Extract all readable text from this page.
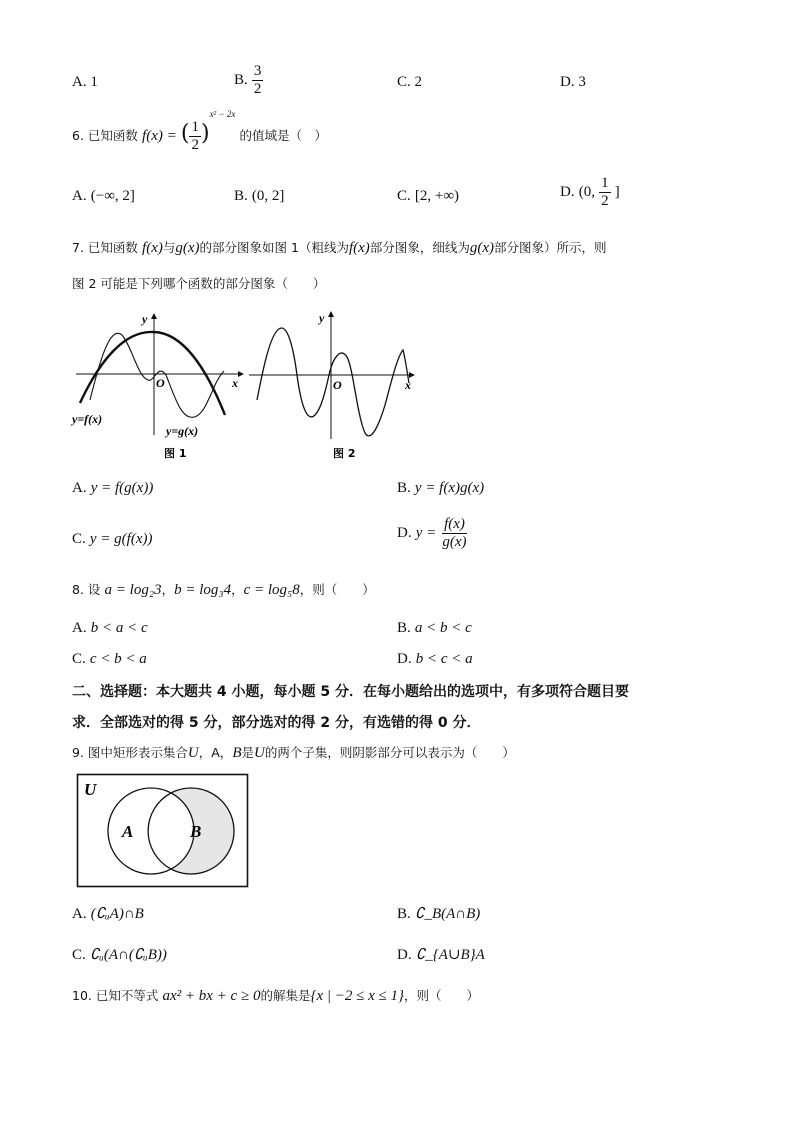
A. 1	B. $\frac{3}{2}$	C. 2	D. 3
6. 已知函数 f(x) = ( $\frac{1}{2} )^{x^2 - 2x}$ 的值域是（　）
A. (−∞, 2]	B. (0, 2]	C. [2, +∞)	D. (0, $\frac{1}{2}$ ]
7. 已知函数 f(x)与g(x)的部分图象如图 1（粗线为f(x)部分图象，细线为g(x)部分图象）所示，则
图 2 可能是下列哪个函数的部分图象（　　）
y
x
O
y=f(x)
y=g(x)
图 1
y
x
O
图 2
A. y = f(g(x))	B. y = f(x)g(x)
C. y = g(f(x))	D. $y = \frac{f(x)}{g(x)}$
8. 设 a = log₂3，b = log₃4，c = log₅8，则（　　）
A. b < a < c	B. a < b < c
C. c < b < a	D. b < c < a
二、选择题：本大题共 4 小题，每小题 5 分．在每小题给出的选项中，有多项符合题目要
求．全部选对的得 5 分，部分选对的得 2 分，有选错的得 0 分．
9. 图中矩形表示集合U，A，B是U的两个子集，则阴影部分可以表示为（　　）
U
A	B
A. (∁ᵤA)∩B	B. ∁_B(A∩B)
C. ∁ᵤ(A∩(∁ᵤB))	D. ∁_{A∪B}A
10. 已知不等式 ax² + bx + c ≥ 0的解集是{x | −2 ≤ x ≤ 1}，则（　　）
